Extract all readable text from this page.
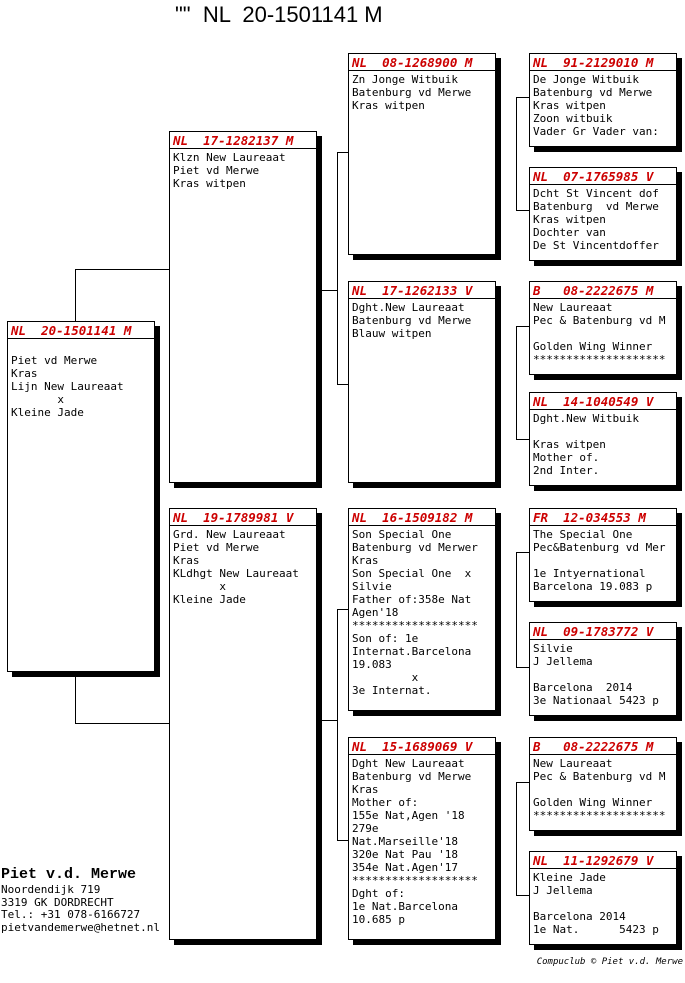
""  NL  20-1501141 M
NL  20-1501141 M

Piet vd Merwe
Kras
Lijn New Laureaat
x
Kleine Jade
NL  17-1282137 M
Klzn New Laureaat
Piet vd Merwe
Kras witpen
NL  19-1789981 V
Grd. New Laureaat
Piet vd Merwe
Kras
KLdhgt New Laureaat
x
Kleine Jade
NL  08-1268900 M
Zn Jonge Witbuik
Batenburg vd Merwe
Kras witpen
NL  17-1262133 V
Dght.New Laureaat
Batenburg vd Merwe
Blauw witpen
NL  16-1509182 M
Son Special One
Batenburg vd Merwer
Kras
Son Special One  x
Silvie
Father of:358e Nat
Agen'18
*******************
Son of: 1e
Internat.Barcelona
19.083
x
3e Internat.
NL  15-1689069 V
Dght New Laureaat
Batenburg vd Merwe
Kras
Mother of:
155e Nat,Agen '18
279e
Nat.Marseille'18
320e Nat Pau '18
354e Nat.Agen'17
*******************
Dght of:
1e Nat.Barcelona
10.685 p
NL  91-2129010 M
De Jonge Witbuik
Batenburg vd Merwe
Kras witpen
Zoon witbuik
Vader Gr Vader van:
NL  07-1765985 V
Dcht St Vincent dof
Batenburg  vd Merwe
Kras witpen
Dochter van
De St Vincentdoffer
B   08-2222675 M
New Laureaat
Pec & Batenburg vd M

Golden Wing Winner
********************
NL  14-1040549 V
Dght.New Witbuik

Kras witpen
Mother of.
2nd Inter.
FR  12-034553 M
The Special One
Pec&Batenburg vd Mer

1e Intyernational
Barcelona 19.083 p
NL  09-1783772 V
Silvie
J Jellema

Barcelona  2014
3e Nationaal 5423 p
B   08-2222675 M
New Laureaat
Pec & Batenburg vd M

Golden Wing Winner
********************
NL  11-1292679 V
Kleine Jade
J Jellema

Barcelona 2014
1e Nat.      5423 p
Piet v.d. Merwe
Noordendijk 719
3319 GK DORDRECHT
Tel.: +31 078-6166727
pietvandemerwe@hetnet.nl
Compuclub © Piet v.d. Merwe
